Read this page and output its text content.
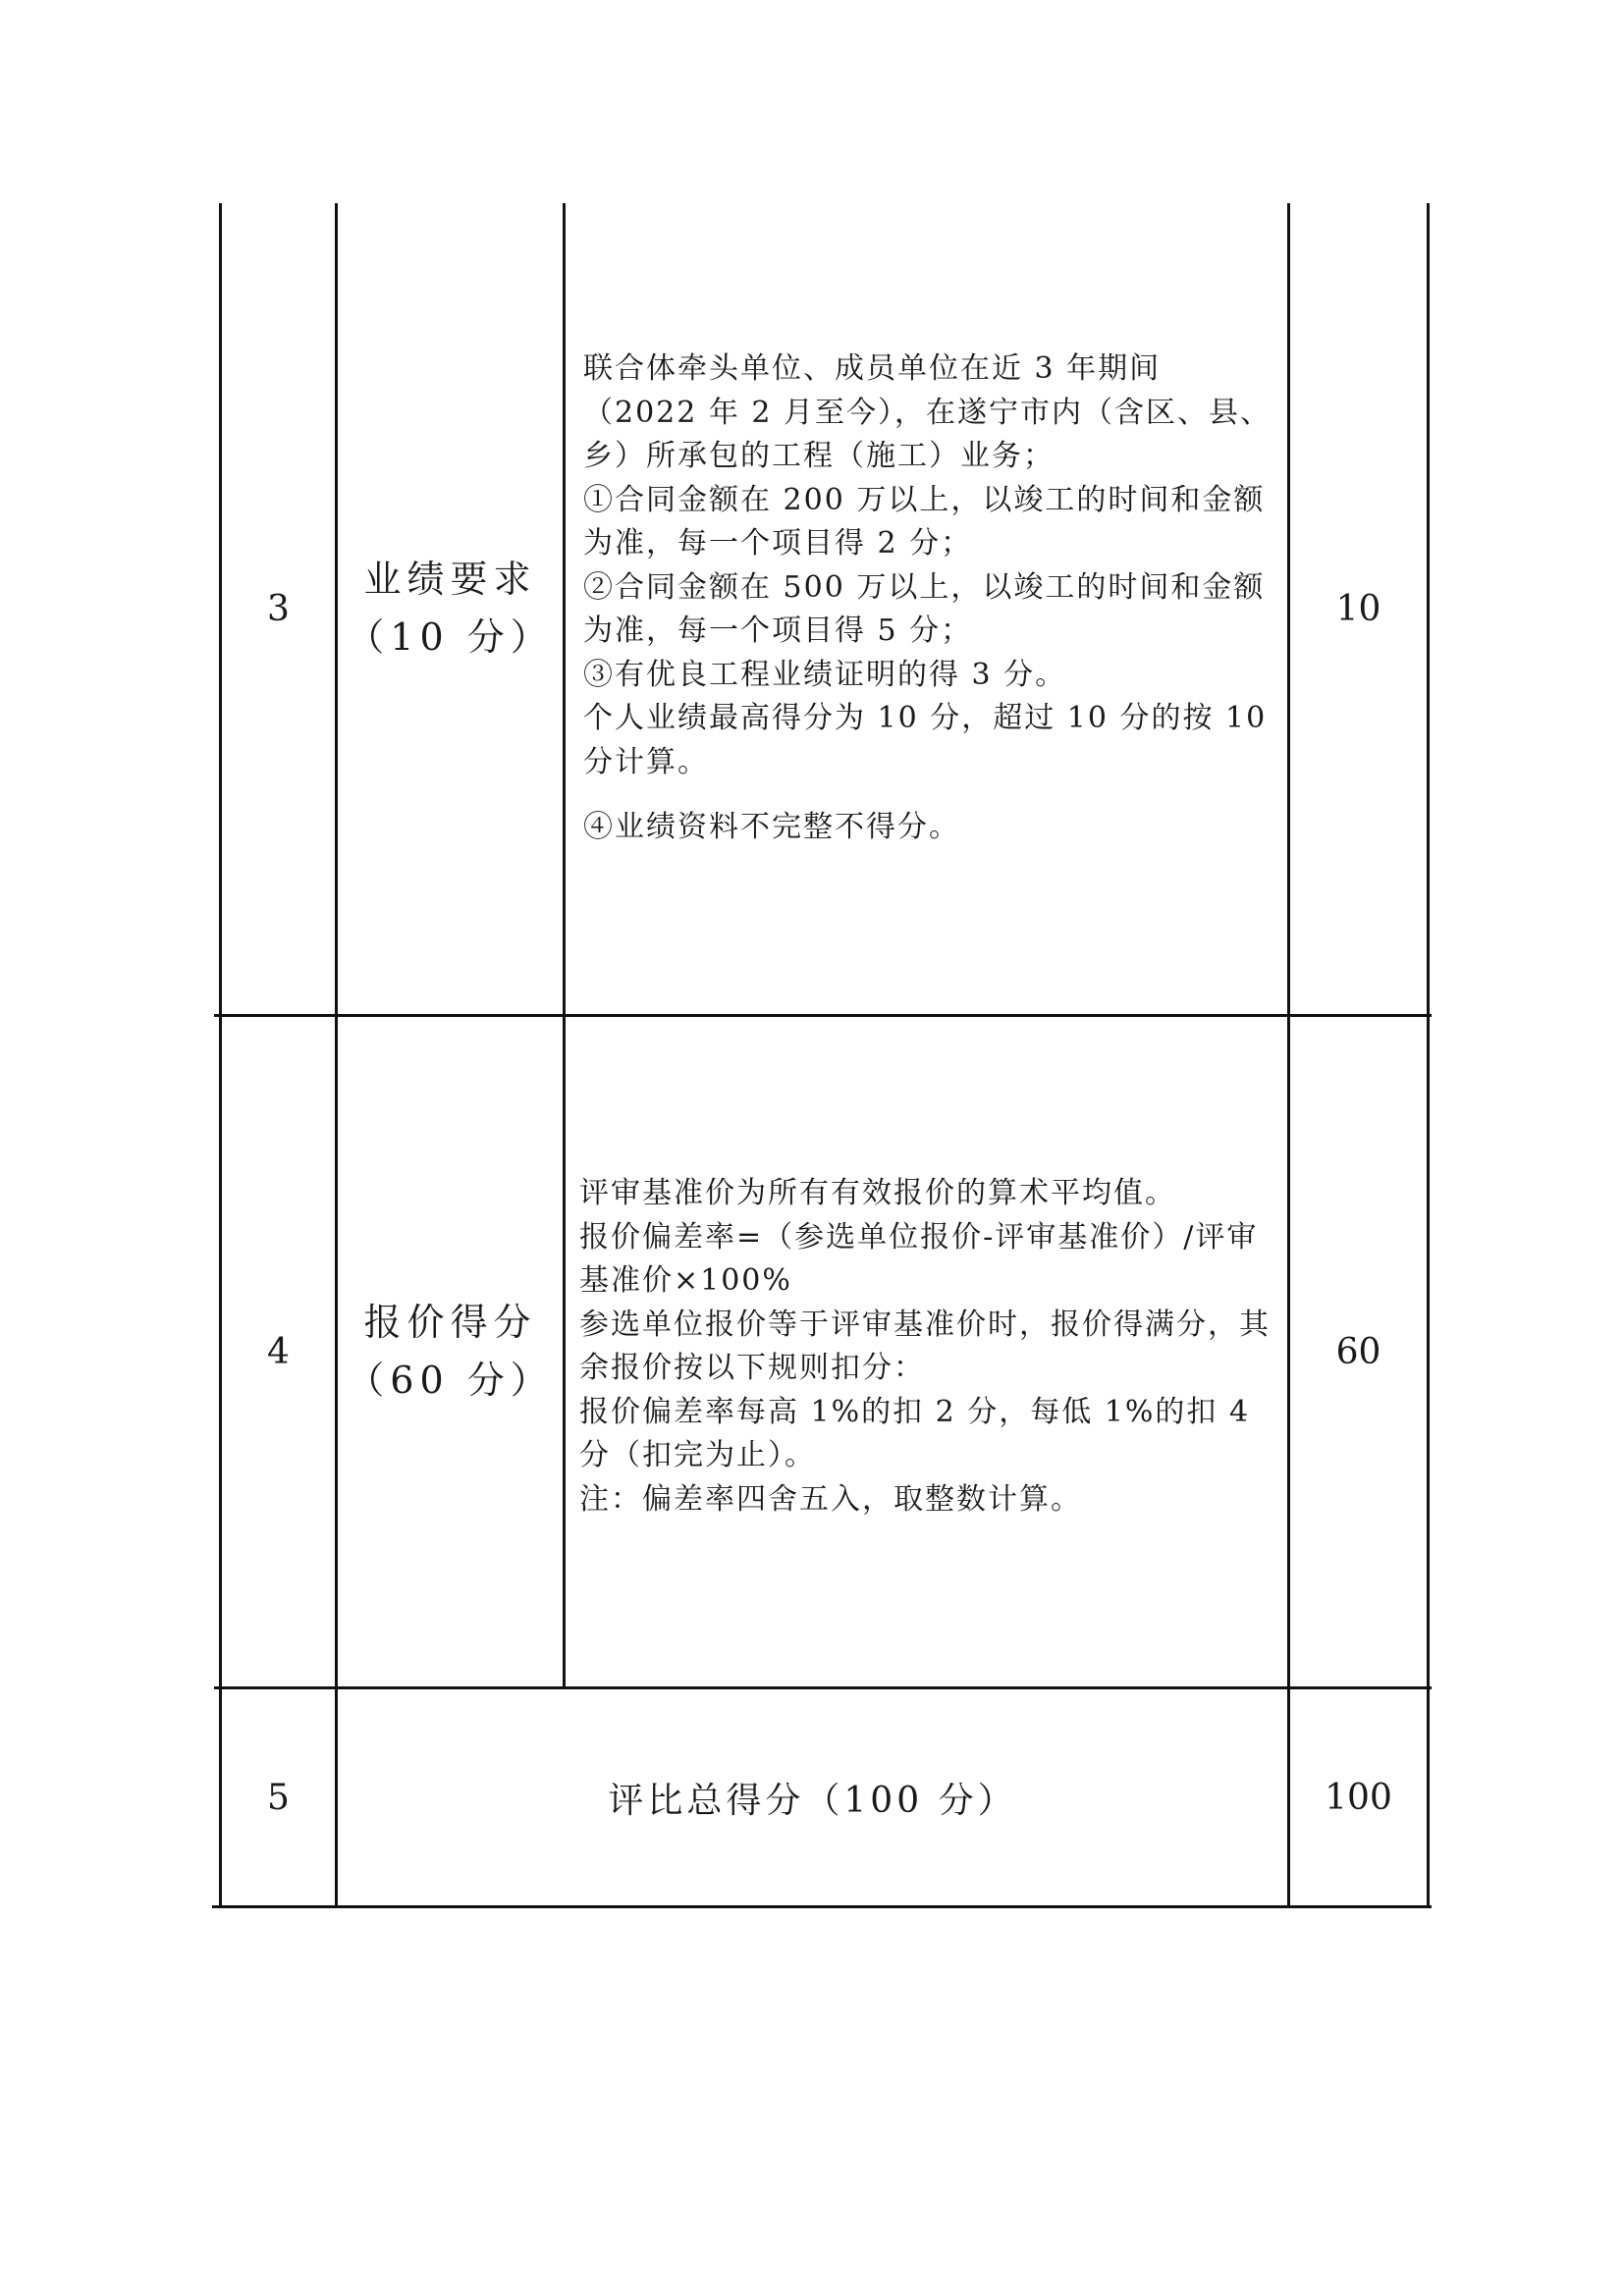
3
业绩要求
（10 分）

联合体牵头单位、成员单位在近 3 年期间（2022 年 2 月至今），在遂宁市内（含区、县、乡）所承包的工程（施工）业务；

①合同金额在 200 万以上，以竣工的时间和金额为准，每一个项目得 2 分；

②合同金额在 500 万以上，以竣工的时间和金额为准，每一个项目得 5 分；

③有优良工程业绩证明的得 3 分。

个人业绩最高得分为 10 分，超过 10 分的按 10 分计算。

④业绩资料不完整不得分。

10
4
报价得分
（60 分）

评审基准价为所有有效报价的算术平均值。

报价偏差率=（参选单位报价-评审基准价）/评审基准价×100%

参选单位报价等于评审基准价时，报价得满分，其余报价按以下规则扣分：

报价偏差率每高 1%的扣 2 分，每低 1%的扣 4 分（扣完为止）。

注：偏差率四舍五入，取整数计算。

60
5	评比总得分（100 分）	100
